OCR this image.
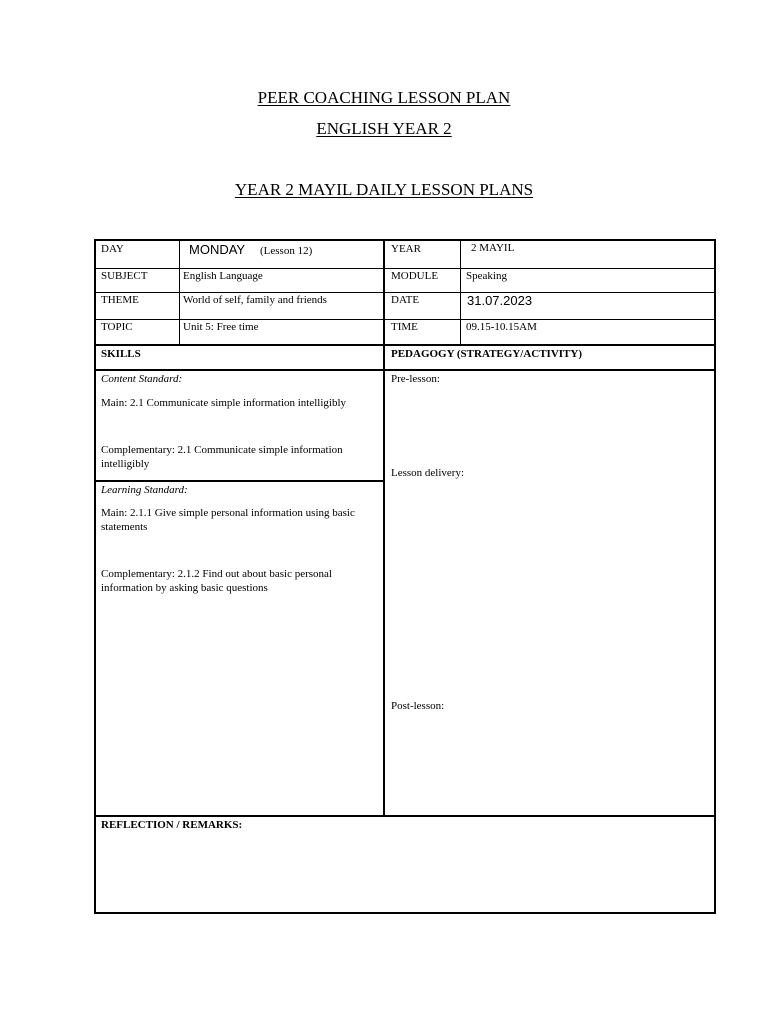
PEER COACHING LESSON PLAN
ENGLISH YEAR 2
YEAR 2 MAYIL DAILY LESSON PLANS
DAY	MONDAY (Lesson 12)	YEAR	2 MAYIL
SUBJECT	English Language	MODULE	Speaking
THEME	World of self, family and friends	DATE	31.07.2023
TOPIC	Unit 5: Free time	TIME	09.15-10.15AM
SKILLS	PEDAGOGY (STRATEGY/ACTIVITY)
Content Standard:
Main: 2.1 Communicate simple information intelligibly
Complementary: 2.1 Communicate simple information intelligibly
Learning Standard:
Main: 2.1.1 Give simple personal information using basic statements
Complementary: 2.1.2 Find out about basic personal information by asking basic questions
Pre-lesson:
Lesson delivery:
Post-lesson:
REFLECTION / REMARKS:
